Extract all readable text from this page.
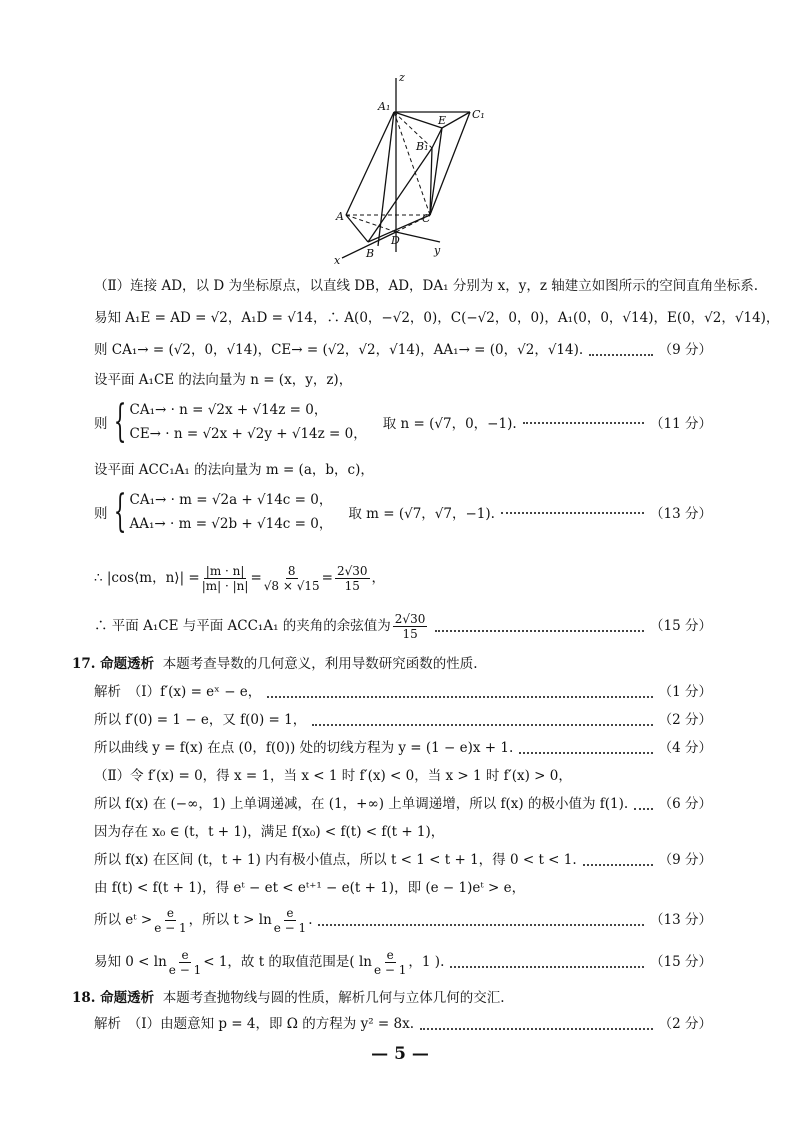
z
A₁
C₁
E
B₁
A	C
D
B
x
y
（Ⅱ）连接 AD，以 D 为坐标原点，以直线 DB，AD，DA₁ 分别为 x，y，z 轴建立如图所示的空间直角坐标系.
易知 A₁E = AD = √2，A₁D = √14，∴ A(0，−√2，0)，C(−√2，0，0)，A₁(0，0，√14)，E(0，√2，√14)，
则 CA₁→ = (√2，0，√14)，CE→ = (√2，√2，√14)，AA₁→ = (0，√2，√14).	（9 分）
设平面 A₁CE 的法向量为 n = (x，y，z)，
则 { CA₁→ · n = √2x + √14z = 0，
CE→ · n = √2x + √2y + √14z = 0，
取 n = (√7，0，−1).	（11 分）
设平面 ACC₁A₁ 的法向量为 m = (a，b，c)，
则 { CA₁→ · m = √2a + √14c = 0，
AA₁→ · m = √2b + √14c = 0，
取 m = (√7，√7，−1).	（13 分）
∴ |cos⟨m，n⟩| = $\frac{|m \cdot n|}{|m| \cdot |n|} = \frac{8}{√8 \times √15} = \frac{2√30}{15}$ ，
∴ 平面 A₁CE 与平面 ACC₁A₁ 的夹角的余弦值为 $\frac{2√30}{15}$	（15 分）
17. 命题透析
本题考查导数的几何意义，利用导数研究函数的性质.
解析　（Ⅰ）f′(x) = eˣ − e，	（1 分）
所以 f′(0) = 1 − e，又 f(0) = 1，	（2 分）
所以曲线 y = f(x) 在点 (0，f(0)) 处的切线方程为 y = (1 − e)x + 1.	（4 分）
（Ⅱ）令 f′(x) = 0，得 x = 1，当 x < 1 时 f′(x) < 0，当 x > 1 时 f′(x) > 0，
所以 f(x) 在 (−∞，1) 上单调递减，在 (1，+∞) 上单调递增，所以 f(x) 的极小值为 f(1). （6 分）
因为存在 x₀ ∈ (t，t + 1)，满足 f(x₀) < f(t) < f(t + 1)，
所以 f(x) 在区间 (t，t + 1) 内有极小值点，所以 t < 1 < t + 1，得 0 < t < 1.	（9 分）
由 f(t) < f(t + 1)，得 eᵗ − et < eᵗ⁺¹ − e(t + 1)，即 (e − 1)eᵗ > e，
所以 eᵗ > $\frac{e}{e - 1}$ ，所以 $t > \ln \frac{e}{e - 1}$ .	（13 分）
易知 $0 < \ln \frac{e}{e - 1} < 1$，故 t 的取值范围是 ( $\ln \frac{e}{e - 1}$ ，1 ).	（15 分）
18. 命题透析
本题考查抛物线与圆的性质，解析几何与立体几何的交汇.
解析　（Ⅰ）由题意知 p = 4，即 Ω 的方程为 y² = 8x.	（2 分）
— 5 —
